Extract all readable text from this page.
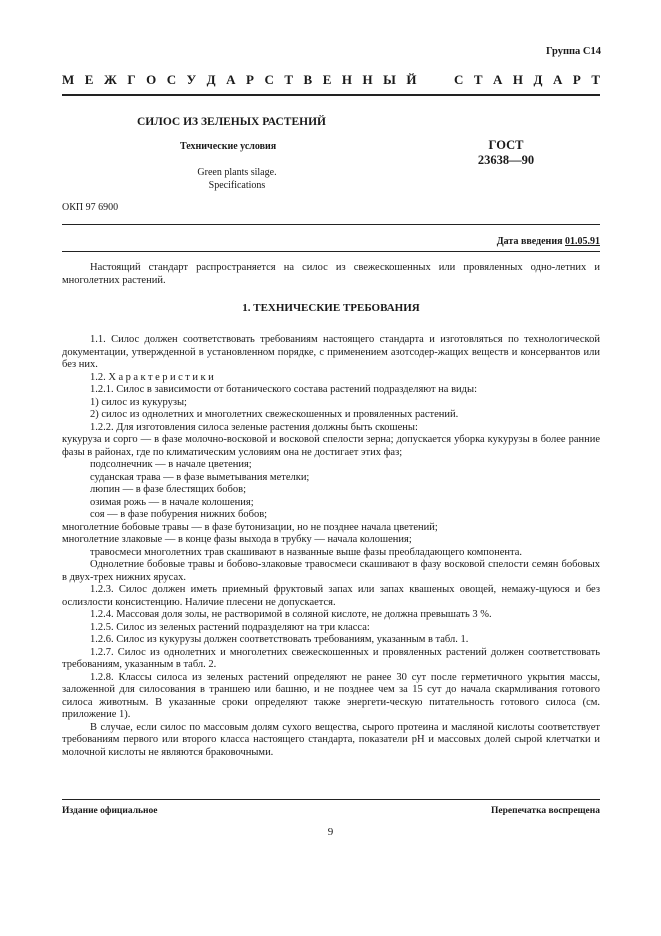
Группа С14
М Е Ж Г О С У Д А Р С Т В Е Н Н Ы Й	С Т А Н Д А Р Т
СИЛОС ИЗ ЗЕЛЕНЫХ РАСТЕНИЙ
Технические условия
Green plants silage.
Specifications
ГОСТ
23638—90
ОКП 97 6900
Дата введения 01.05.91

Настоящий стандарт распространяется на силос из свежескошенных или провяленных одно-летних и многолетних растений.

1. ТЕХНИЧЕСКИЕ ТРЕБОВАНИЯ

1.1. Силос должен соответствовать требованиям настоящего стандарта и изготовляться по технологической документации, утвержденной в установленном порядке, с применением азотсодер-жащих веществ и консервантов или без них.

1.2. Характеристики

1.2.1. Силос в зависимости от ботанического состава растений подразделяют на виды:

1) силос из кукурузы;

2) силос из однолетних и многолетних свежескошенных и провяленных растений.

1.2.2. Для изготовления силоса зеленые растения должны быть скошены:

кукуруза и сорго — в фазе молочно-восковой и восковой спелости зерна; допускается уборка кукурузы в более ранние фазы в районах, где по климатическим условиям она не достигает этих фаз;

подсолнечник — в начале цветения;

суданская трава — в фазе выметывания метелки;

люпин — в фазе блестящих бобов;

озимая рожь — в начале колошения;

соя — в фазе побурения нижних бобов;

многолетние бобовые травы — в фазе бутонизации, но не позднее начала цветений;

многолетние злаковые — в конце фазы выхода в трубку — начала колошения;

травосмеси многолетних трав скашивают в названные выше фазы преобладающего компонента.

Однолетние бобовые травы и бобово-злаковые травосмеси скашивают в фазу восковой спелости семян бобовых в двух-трех нижних ярусах.

1.2.3. Силос должен иметь приемный фруктовый запах или запах квашеных овощей, немажу-щуюся и без ослизлости консистенцию. Наличие плесени не допускается.

1.2.4. Массовая доля золы, не растворимой в соляной кислоте, не должна превышать 3 %.

1.2.5. Силос из зеленых растений подразделяют на три класса:

1.2.6. Силос из кукурузы должен соответствовать требованиям, указанным в табл. 1.

1.2.7. Силос из однолетних и многолетних свежескошенных и провяленных растений должен соответствовать требованиям, указанным в табл. 2.

1.2.8. Классы силоса из зеленых растений определяют не ранее 30 сут после герметичного укрытия массы, заложенной для силосования в траншею или башню, и не позднее чем за 15 сут до начала скармливания готового силоса животным. В указанные сроки определяют также энергети-ческую питательность готового силоса (см. приложение 1).

В случае, если силос по массовым долям сухого вещества, сырого протеина и масляной кислоты соответствует требованиям первого или второго класса настоящего стандарта, показатели рН и массовых долей сырой клетчатки и молочной кислоты не являются браковочными.

Издание официальное	Перепечатка воспрещена
9
